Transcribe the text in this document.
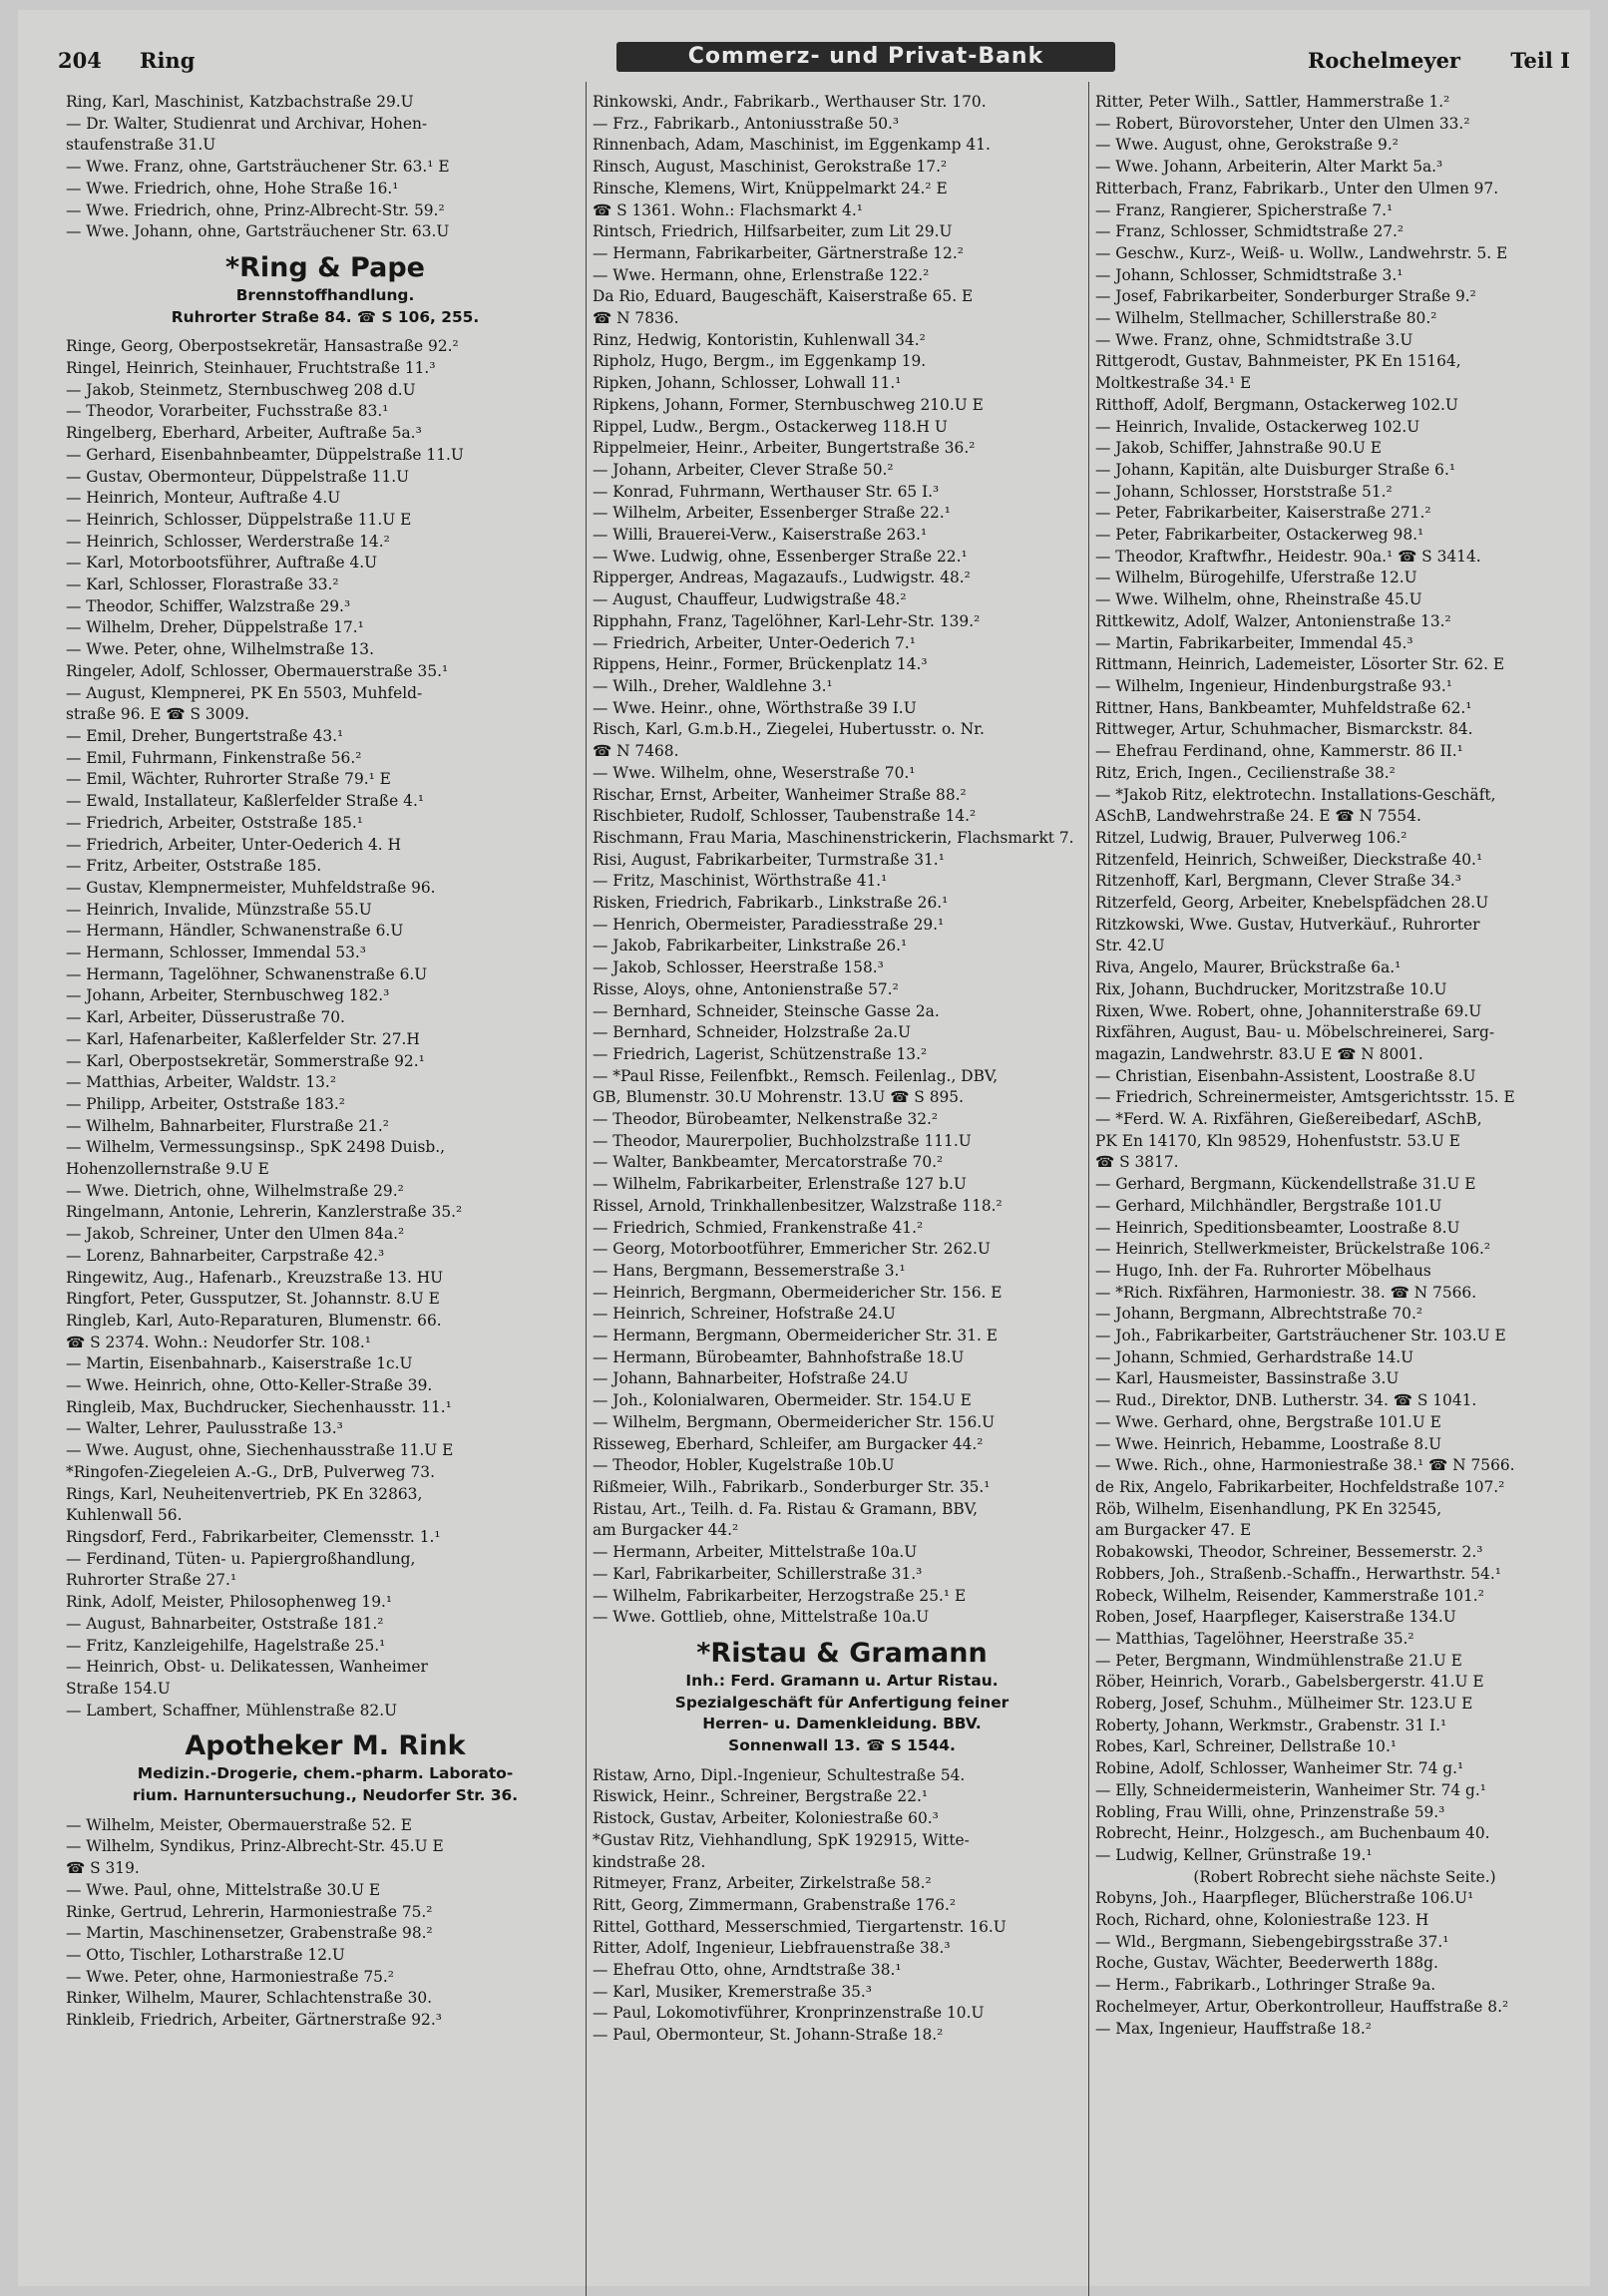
204 Ring	Commerz- und Privat-Bank	Rochelmeyer Teil I
Ring, Karl, Maschinist, Katzbachstraße 29.U
— Dr. Walter, Studienrat und Archivar, Hohen-
staufenstraße 31.U
— Wwe. Franz, ohne, Gartsträuchener Str. 63.¹ E
— Wwe. Friedrich, ohne, Hohe Straße 16.¹
— Wwe. Friedrich, ohne, Prinz-Albrecht-Str. 59.²
— Wwe. Johann, ohne, Gartsträuchener Str. 63.U
*Ring & Pape
Brennstoffhandlung.
Ruhrorter Straße 84. ☎ S 106, 255.
Ringe, Georg, Oberpostsekretär, Hansastraße 92.²
Ringel, Heinrich, Steinhauer, Fruchtstraße 11.³
— Jakob, Steinmetz, Sternbuschweg 208 d.U
— Theodor, Vorarbeiter, Fuchsstraße 83.¹
Ringelberg, Eberhard, Arbeiter, Auftraße 5a.³
— Gerhard, Eisenbahnbeamter, Düppelstraße 11.U
— Gustav, Obermonteur, Düppelstraße 11.U
— Heinrich, Monteur, Auftraße 4.U
— Heinrich, Schlosser, Düppelstraße 11.U E
— Heinrich, Schlosser, Werderstraße 14.²
— Karl, Motorbootsführer, Auftraße 4.U
— Karl, Schlosser, Florastraße 33.²
— Theodor, Schiffer, Walzstraße 29.³
— Wilhelm, Dreher, Düppelstraße 17.¹
— Wwe. Peter, ohne, Wilhelmstraße 13.
Ringeler, Adolf, Schlosser, Obermauerstraße 35.¹
— August, Klempnerei, PK En 5503, Muhfeld-
straße 96. E ☎ S 3009.
— Emil, Dreher, Bungertstraße 43.¹
— Emil, Fuhrmann, Finkenstraße 56.²
— Emil, Wächter, Ruhrorter Straße 79.¹ E
— Ewald, Installateur, Kaßlerfelder Straße 4.¹
— Friedrich, Arbeiter, Oststraße 185.¹
— Friedrich, Arbeiter, Unter-Oederich 4. H
— Fritz, Arbeiter, Oststraße 185.
— Gustav, Klempnermeister, Muhfeldstraße 96.
— Heinrich, Invalide, Münzstraße 55.U
— Hermann, Händler, Schwanenstraße 6.U
— Hermann, Schlosser, Immendal 53.³
— Hermann, Tagelöhner, Schwanenstraße 6.U
— Johann, Arbeiter, Sternbuschweg 182.³
— Karl, Arbeiter, Düsserustraße 70.
— Karl, Hafenarbeiter, Kaßlerfelder Str. 27.H
— Karl, Oberpostsekretär, Sommerstraße 92.¹
— Matthias, Arbeiter, Waldstr. 13.²
— Philipp, Arbeiter, Oststraße 183.²
— Wilhelm, Bahnarbeiter, Flurstraße 21.²
— Wilhelm, Vermessungsinsp., SpK 2498 Duisb.,
Hohenzollernstraße 9.U E
— Wwe. Dietrich, ohne, Wilhelmstraße 29.²
Ringelmann, Antonie, Lehrerin, Kanzlerstraße 35.²
— Jakob, Schreiner, Unter den Ulmen 84a.²
— Lorenz, Bahnarbeiter, Carpstraße 42.³
Ringewitz, Aug., Hafenarb., Kreuzstraße 13. HU
Ringfort, Peter, Gussputzer, St. Johannstr. 8.U E
Ringleb, Karl, Auto-Reparaturen, Blumenstr. 66.
☎ S 2374. Wohn.: Neudorfer Str. 108.¹
— Martin, Eisenbahnarb., Kaiserstraße 1c.U
— Wwe. Heinrich, ohne, Otto-Keller-Straße 39.
Ringleib, Max, Buchdrucker, Siechenhausstr. 11.¹
— Walter, Lehrer, Paulusstraße 13.³
— Wwe. August, ohne, Siechenhausstraße 11.U E
*Ringofen-Ziegeleien A.-G., DrB, Pulverweg 73.
Rings, Karl, Neuheitenvertrieb, PK En 32863,
Kuhlenwall 56.
Ringsdorf, Ferd., Fabrikarbeiter, Clemensstr. 1.¹
— Ferdinand, Tüten- u. Papiergroßhandlung,
Ruhrorter Straße 27.¹
Rink, Adolf, Meister, Philosophenweg 19.¹
— August, Bahnarbeiter, Oststraße 181.²
— Fritz, Kanzleigehilfe, Hagelstraße 25.¹
— Heinrich, Obst- u. Delikatessen, Wanheimer
Straße 154.U
— Lambert, Schaffner, Mühlenstraße 82.U
Apotheker M. Rink
Medizin.-Drogerie, chem.-pharm. Laborato-
rium. Harnuntersuchung., Neudorfer Str. 36.
— Wilhelm, Meister, Obermauerstraße 52. E
— Wilhelm, Syndikus, Prinz-Albrecht-Str. 45.U E
☎ S 319.
— Wwe. Paul, ohne, Mittelstraße 30.U E
Rinke, Gertrud, Lehrerin, Harmoniestraße 75.²
— Martin, Maschinensetzer, Grabenstraße 98.²
— Otto, Tischler, Lotharstraße 12.U
— Wwe. Peter, ohne, Harmoniestraße 75.²
Rinker, Wilhelm, Maurer, Schlachtenstraße 30.
Rinkleib, Friedrich, Arbeiter, Gärtnerstraße 92.³
Rinkowski, Andr., Fabrikarb., Werthauser Str. 170.
— Frz., Fabrikarb., Antoniusstraße 50.³
Rinnenbach, Adam, Maschinist, im Eggenkamp 41.
Rinsch, August, Maschinist, Gerokstraße 17.²
Rinsche, Klemens, Wirt, Knüppelmarkt 24.² E
☎ S 1361. Wohn.: Flachsmarkt 4.¹
Rintsch, Friedrich, Hilfsarbeiter, zum Lit 29.U
— Hermann, Fabrikarbeiter, Gärtnerstraße 12.²
— Wwe. Hermann, ohne, Erlenstraße 122.²
Da Rio, Eduard, Baugeschäft, Kaiserstraße 65. E
☎ N 7836.
Rinz, Hedwig, Kontoristin, Kuhlenwall 34.²
Ripholz, Hugo, Bergm., im Eggenkamp 19.
Ripken, Johann, Schlosser, Lohwall 11.¹
Ripkens, Johann, Former, Sternbuschweg 210.U E
Rippel, Ludw., Bergm., Ostackerweg 118.H U
Rippelmeier, Heinr., Arbeiter, Bungertstraße 36.²
— Johann, Arbeiter, Clever Straße 50.²
— Konrad, Fuhrmann, Werthauser Str. 65 I.³
— Wilhelm, Arbeiter, Essenberger Straße 22.¹
— Willi, Brauerei-Verw., Kaiserstraße 263.¹
— Wwe. Ludwig, ohne, Essenberger Straße 22.¹
Ripperger, Andreas, Magazaufs., Ludwigstr. 48.²
— August, Chauffeur, Ludwigstraße 48.²
Ripphahn, Franz, Tagelöhner, Karl-Lehr-Str. 139.²
— Friedrich, Arbeiter, Unter-Oederich 7.¹
Rippens, Heinr., Former, Brückenplatz 14.³
— Wilh., Dreher, Waldlehne 3.¹
— Wwe. Heinr., ohne, Wörthstraße 39 I.U
Risch, Karl, G.m.b.H., Ziegelei, Hubertusstr. o. Nr.
☎ N 7468.
— Wwe. Wilhelm, ohne, Weserstraße 70.¹
Rischar, Ernst, Arbeiter, Wanheimer Straße 88.²
Rischbieter, Rudolf, Schlosser, Taubenstraße 14.²
Rischmann, Frau Maria, Maschinenstrickerin, Flachsmarkt 7.
Risi, August, Fabrikarbeiter, Turmstraße 31.¹
— Fritz, Maschinist, Wörthstraße 41.¹
Risken, Friedrich, Fabrikarb., Linkstraße 26.¹
— Henrich, Obermeister, Paradiesstraße 29.¹
— Jakob, Fabrikarbeiter, Linkstraße 26.¹
— Jakob, Schlosser, Heerstraße 158.³
Risse, Aloys, ohne, Antonienstraße 57.²
— Bernhard, Schneider, Steinsche Gasse 2a.
— Bernhard, Schneider, Holzstraße 2a.U
— Friedrich, Lagerist, Schützenstraße 13.²
— *Paul Risse, Feilenfbkt., Remsch. Feilenlag., DBV,
GB, Blumenstr. 30.U Mohrenstr. 13.U ☎ S 895.
— Theodor, Bürobeamter, Nelkenstraße 32.²
— Theodor, Maurerpolier, Buchholzstraße 111.U
— Walter, Bankbeamter, Mercatorstraße 70.²
— Wilhelm, Fabrikarbeiter, Erlenstraße 127 b.U
Rissel, Arnold, Trinkhallenbesitzer, Walzstraße 118.²
— Friedrich, Schmied, Frankenstraße 41.²
— Georg, Motorbootführer, Emmericher Str. 262.U
— Hans, Bergmann, Bessemerstraße 3.¹
— Heinrich, Bergmann, Obermeidericher Str. 156. E
— Heinrich, Schreiner, Hofstraße 24.U
— Hermann, Bergmann, Obermeidericher Str. 31. E
— Hermann, Bürobeamter, Bahnhofstraße 18.U
— Johann, Bahnarbeiter, Hofstraße 24.U
— Joh., Kolonialwaren, Obermeider. Str. 154.U E
— Wilhelm, Bergmann, Obermeidericher Str. 156.U
Risseweg, Eberhard, Schleifer, am Burgacker 44.²
— Theodor, Hobler, Kugelstraße 10b.U
Rißmeier, Wilh., Fabrikarb., Sonderburger Str. 35.¹
Ristau, Art., Teilh. d. Fa. Ristau & Gramann, BBV,
am Burgacker 44.²
— Hermann, Arbeiter, Mittelstraße 10a.U
— Karl, Fabrikarbeiter, Schillerstraße 31.³
— Wilhelm, Fabrikarbeiter, Herzogstraße 25.¹ E
— Wwe. Gottlieb, ohne, Mittelstraße 10a.U
*Ristau & Gramann
Inh.: Ferd. Gramann u. Artur Ristau.
Spezialgeschäft für Anfertigung feiner
Herren- u. Damenkleidung. BBV.
Sonnenwall 13. ☎ S 1544.
Ristaw, Arno, Dipl.-Ingenieur, Schultestraße 54.
Riswick, Heinr., Schreiner, Bergstraße 22.¹
Ristock, Gustav, Arbeiter, Koloniestraße 60.³
*Gustav Ritz, Viehhandlung, SpK 192915, Witte-
kindstraße 28.
Ritmeyer, Franz, Arbeiter, Zirkelstraße 58.²
Ritt, Georg, Zimmermann, Grabenstraße 176.²
Rittel, Gotthard, Messerschmied, Tiergartenstr. 16.U
Ritter, Adolf, Ingenieur, Liebfrauenstraße 38.³
— Ehefrau Otto, ohne, Arndtstraße 38.¹
— Karl, Musiker, Kremerstraße 35.³
— Paul, Lokomotivführer, Kronprinzenstraße 10.U
— Paul, Obermonteur, St. Johann-Straße 18.²
Ritter, Peter Wilh., Sattler, Hammerstraße 1.²
— Robert, Bürovorsteher, Unter den Ulmen 33.²
— Wwe. August, ohne, Gerokstraße 9.²
— Wwe. Johann, Arbeiterin, Alter Markt 5a.³
Ritterbach, Franz, Fabrikarb., Unter den Ulmen 97.
— Franz, Rangierer, Spicherstraße 7.¹
— Franz, Schlosser, Schmidtstraße 27.²
— Geschw., Kurz-, Weiß- u. Wollw., Landwehrstr. 5. E
— Johann, Schlosser, Schmidtstraße 3.¹
— Josef, Fabrikarbeiter, Sonderburger Straße 9.²
— Wilhelm, Stellmacher, Schillerstraße 80.²
— Wwe. Franz, ohne, Schmidtstraße 3.U
Rittgerodt, Gustav, Bahnmeister, PK En 15164,
Moltkestraße 34.¹ E
Ritthoff, Adolf, Bergmann, Ostackerweg 102.U
— Heinrich, Invalide, Ostackerweg 102.U
— Jakob, Schiffer, Jahnstraße 90.U E
— Johann, Kapitän, alte Duisburger Straße 6.¹
— Johann, Schlosser, Horststraße 51.²
— Peter, Fabrikarbeiter, Kaiserstraße 271.²
— Peter, Fabrikarbeiter, Ostackerweg 98.¹
— Theodor, Kraftwfhr., Heidestr. 90a.¹ ☎ S 3414.
— Wilhelm, Bürogehilfe, Uferstraße 12.U
— Wwe. Wilhelm, ohne, Rheinstraße 45.U
Rittkewitz, Adolf, Walzer, Antonienstraße 13.²
— Martin, Fabrikarbeiter, Immendal 45.³
Rittmann, Heinrich, Lademeister, Lösorter Str. 62. E
— Wilhelm, Ingenieur, Hindenburgstraße 93.¹
Rittner, Hans, Bankbeamter, Muhfeldstraße 62.¹
Rittweger, Artur, Schuhmacher, Bismarckstr. 84.
— Ehefrau Ferdinand, ohne, Kammerstr. 86 II.¹
Ritz, Erich, Ingen., Cecilienstraße 38.²
— *Jakob Ritz, elektrotechn. Installations-Geschäft,
ASchB, Landwehrstraße 24. E ☎ N 7554.
Ritzel, Ludwig, Brauer, Pulverweg 106.²
Ritzenfeld, Heinrich, Schweißer, Dieckstraße 40.¹
Ritzenhoff, Karl, Bergmann, Clever Straße 34.³
Ritzerfeld, Georg, Arbeiter, Knebelspfädchen 28.U
Ritzkowski, Wwe. Gustav, Hutverkäuf., Ruhrorter
Str. 42.U
Riva, Angelo, Maurer, Brückstraße 6a.¹
Rix, Johann, Buchdrucker, Moritzstraße 10.U
Rixen, Wwe. Robert, ohne, Johanniterstraße 69.U
Rixfähren, August, Bau- u. Möbelschreinerei, Sarg-
magazin, Landwehrstr. 83.U E ☎ N 8001.
— Christian, Eisenbahn-Assistent, Loostraße 8.U
— Friedrich, Schreinermeister, Amtsgerichtsstr. 15. E
— *Ferd. W. A. Rixfähren, Gießereibedarf, ASchB,
PK En 14170, Kln 98529, Hohenfuststr. 53.U E
☎ S 3817.
— Gerhard, Bergmann, Kückendellstraße 31.U E
— Gerhard, Milchhändler, Bergstraße 101.U
— Heinrich, Speditionsbeamter, Loostraße 8.U
— Heinrich, Stellwerkmeister, Brückelstraße 106.²
— Hugo, Inh. der Fa. Ruhrorter Möbelhaus
— *Rich. Rixfähren, Harmoniestr. 38. ☎ N 7566.
— Johann, Bergmann, Albrechtstraße 70.²
— Joh., Fabrikarbeiter, Gartsträuchener Str. 103.U E
— Johann, Schmied, Gerhardstraße 14.U
— Karl, Hausmeister, Bassinstraße 3.U
— Rud., Direktor, DNB. Lutherstr. 34. ☎ S 1041.
— Wwe. Gerhard, ohne, Bergstraße 101.U E
— Wwe. Heinrich, Hebamme, Loostraße 8.U
— Wwe. Rich., ohne, Harmoniestraße 38.¹ ☎ N 7566.
de Rix, Angelo, Fabrikarbeiter, Hochfeldstraße 107.²
Röb, Wilhelm, Eisenhandlung, PK En 32545,
am Burgacker 47. E
Robakowski, Theodor, Schreiner, Bessemerstr. 2.³
Robbers, Joh., Straßenb.-Schaffn., Herwarthstr. 54.¹
Robeck, Wilhelm, Reisender, Kammerstraße 101.²
Roben, Josef, Haarpfleger, Kaiserstraße 134.U
— Matthias, Tagelöhner, Heerstraße 35.²
— Peter, Bergmann, Windmühlenstraße 21.U E
Röber, Heinrich, Vorarb., Gabelsbergerstr. 41.U E
Roberg, Josef, Schuhm., Mülheimer Str. 123.U E
Roberty, Johann, Werkmstr., Grabenstr. 31 I.¹
Robes, Karl, Schreiner, Dellstraße 10.¹
Robine, Adolf, Schlosser, Wanheimer Str. 74 g.¹
— Elly, Schneidermeisterin, Wanheimer Str. 74 g.¹
Robling, Frau Willi, ohne, Prinzenstraße 59.³
Robrecht, Heinr., Holzgesch., am Buchenbaum 40.
— Ludwig, Kellner, Grünstraße 19.¹
(Robert Robrecht siehe nächste Seite.)
Robyns, Joh., Haarpfleger, Blücherstraße 106.U¹
Roch, Richard, ohne, Koloniestraße 123. H
— Wld., Bergmann, Siebengebirgsstraße 37.¹
Roche, Gustav, Wächter, Beederwerth 188g.
— Herm., Fabrikarb., Lothringer Straße 9a.
Rochelmeyer, Artur, Oberkontrolleur, Hauffstraße 8.²
— Max, Ingenieur, Hauffstraße 18.²
